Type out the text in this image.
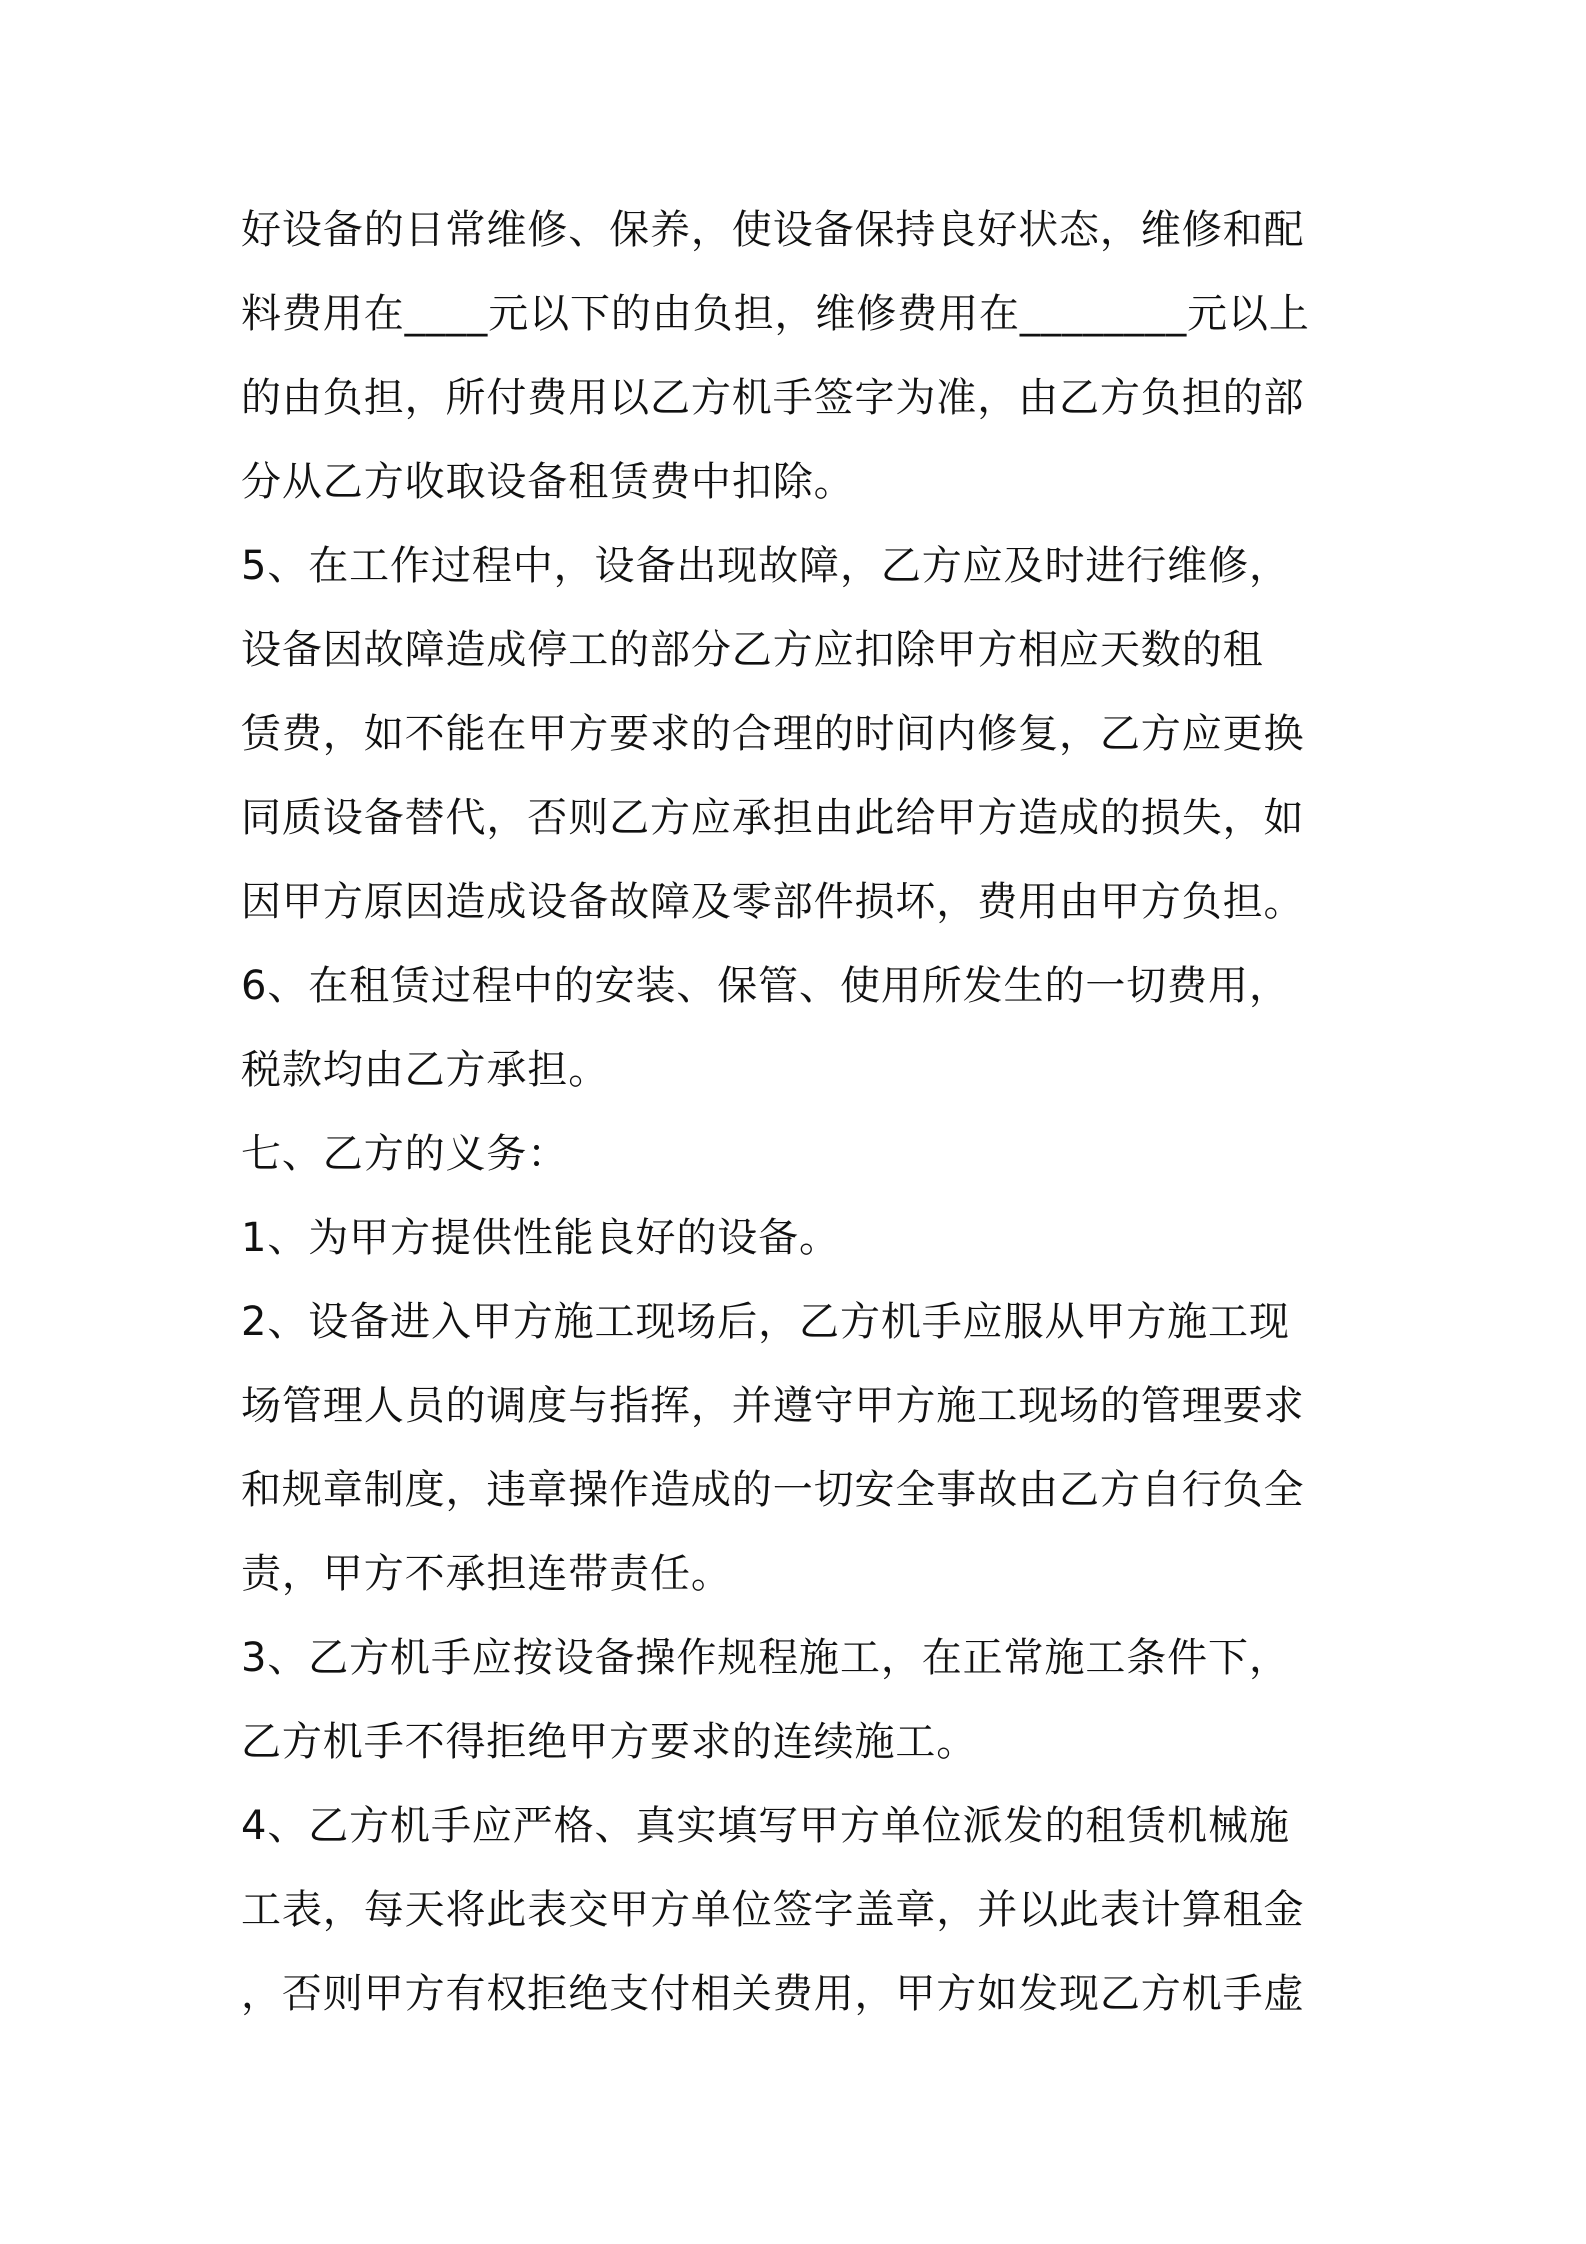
好设备的日常维修、保养，使设备保持良好状态，维修和配
料费用在____元以下的由负担，维修费用在________元以上
的由负担，所付费用以乙方机手签字为准，由乙方负担的部
分从乙方收取设备租赁费中扣除。
5、在工作过程中，设备出现故障，乙方应及时进行维修，
设备因故障造成停工的部分乙方应扣除甲方相应天数的租
赁费，如不能在甲方要求的合理的时间内修复，乙方应更换
同质设备替代，否则乙方应承担由此给甲方造成的损失，如
因甲方原因造成设备故障及零部件损坏，费用由甲方负担。
6、在租赁过程中的安装、保管、使用所发生的一切费用，
税款均由乙方承担。
七、乙方的义务：
1、为甲方提供性能良好的设备。
2、设备进入甲方施工现场后，乙方机手应服从甲方施工现
场管理人员的调度与指挥，并遵守甲方施工现场的管理要求
和规章制度，违章操作造成的一切安全事故由乙方自行负全
责，甲方不承担连带责任。
3、乙方机手应按设备操作规程施工，在正常施工条件下，
乙方机手不得拒绝甲方要求的连续施工。
4、乙方机手应严格、真实填写甲方单位派发的租赁机械施
工表，每天将此表交甲方单位签字盖章，并以此表计算租金
，否则甲方有权拒绝支付相关费用，甲方如发现乙方机手虚
